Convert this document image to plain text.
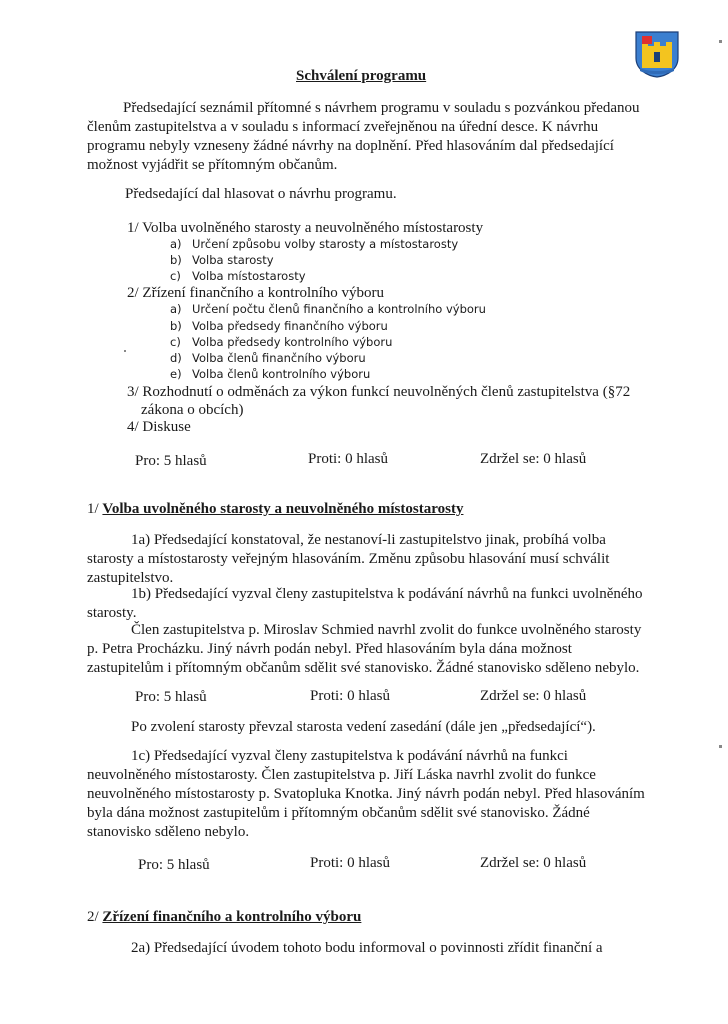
Schválení programu
Předsedající seznámil přítomné s návrhem programu v souladu s pozvánkou předanou členům zastupitelstva a v souladu s informací zveřejněnou na úřední desce. K návrhu programu nebyly vzneseny žádné návrhy na doplnění. Před hlasováním dal předsedající možnost vyjádřit se přítomným občanům.
Předsedající dal hlasovat o návrhu programu.
1/ Volba uvolněného starosty a neuvolněného místostarosty
a) Určení způsobu volby starosty a místostarosty
b) Volba starosty
c) Volba místostarosty
2/ Zřízení finančního a kontrolního výboru
a) Určení počtu členů finančního a kontrolního výboru
b) Volba předsedy finančního výboru
c) Volba předsedy kontrolního výboru
d) Volba členů finančního výboru
e) Volba členů kontrolního výboru
3/ Rozhodnutí o odměnách za výkon funkcí neuvolněných členů zastupitelstva (§72
zákona o obcích)
4/ Diskuse
Pro: 5 hlasů	Proti: 0 hlasů	Zdržel se: 0 hlasů
1/ Volba uvolněného starosty a neuvolněného místostarosty
1a) Předsedající konstatoval, že nestanoví-li zastupitelstvo jinak, probíhá volba starosty a místostarosty veřejným hlasováním. Změnu způsobu hlasování musí schválit zastupitelstvo.
1b) Předsedající vyzval členy zastupitelstva k podávání návrhů na funkci uvolněného starosty.
Člen zastupitelstva p. Miroslav Schmied navrhl zvolit do funkce uvolněného starosty p. Petra Procházku. Jiný návrh podán nebyl. Před hlasováním byla dána možnost zastupitelům i přítomným občanům sdělit své stanovisko. Žádné stanovisko sděleno nebylo.
Pro: 5 hlasů	Proti: 0 hlasů	Zdržel se: 0 hlasů
Po zvolení starosty převzal starosta vedení zasedání (dále jen „předsedající“).
1c) Předsedající vyzval členy zastupitelstva k podávání návrhů na funkci neuvolněného místostarosty. Člen zastupitelstva p. Jiří Láska navrhl zvolit do funkce neuvolněného místostarosty p. Svatopluka Knotka. Jiný návrh podán nebyl. Před hlasováním byla dána možnost zastupitelům i přítomným občanům sdělit své stanovisko. Žádné stanovisko sděleno nebylo.
Pro: 5 hlasů	Proti: 0 hlasů	Zdržel se: 0 hlasů
2/ Zřízení finančního a kontrolního výboru
2a) Předsedající úvodem tohoto bodu informoval o povinnosti zřídit finanční a
